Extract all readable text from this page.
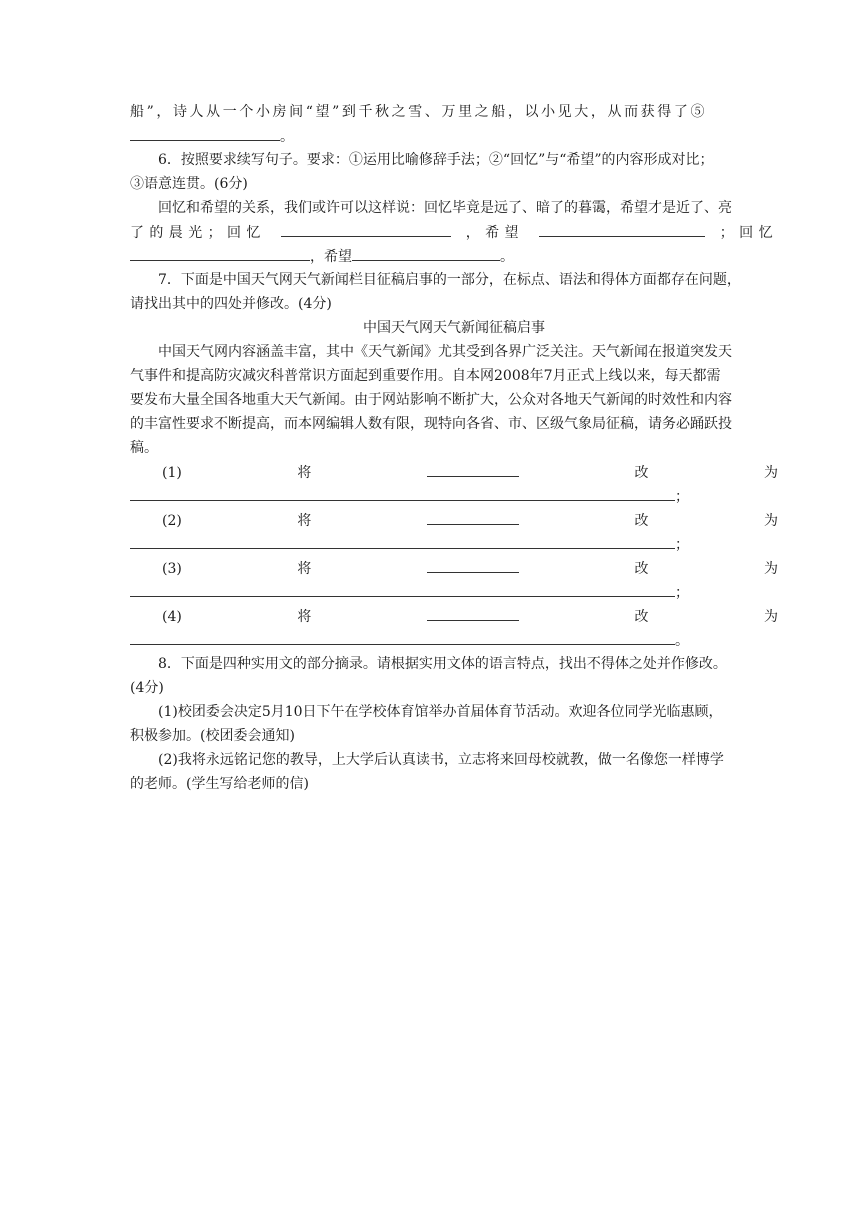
船”，诗人从一个小房间“望”到千秋之雪、万里之船，以小见大，从而获得了⑤
。
6．按照要求续写句子。要求：①运用比喻修辞手法；②“回忆”与“希望”的内容形成对比；
③语意连贯。(6分)
回忆和希望的关系，我们或许可以这样说：回忆毕竟是远了、暗了的暮霭，希望才是近了、亮
了的晨光；回忆	，希望	；回忆
，希望	。
7．下面是中国天气网天气新闻栏目征稿启事的一部分，在标点、语法和得体方面都存在问题，
请找出其中的四处并修改。(4分)
中国天气网天气新闻征稿启事
中国天气网内容涵盖丰富，其中《天气新闻》尤其受到各界广泛关注。天气新闻在报道突发天
气事件和提高防灾减灾科普常识方面起到重要作用。自本网2008年7月正式上线以来，每天都需
要发布大量全国各地重大天气新闻。由于网站影响不断扩大，公众对各地天气新闻的时效性和内容
的丰富性要求不断提高，而本网编辑人数有限，现特向各省、市、区级气象局征稿，请务必踊跃投
稿。
(1)	将	改	为
；
(2)	将	改	为
；
(3)	将	改	为
；
(4)	将	改	为
。
8．下面是四种实用文的部分摘录。请根据实用文体的语言特点，找出不得体之处并作修改。
(4分)
(1)校团委会决定5月10日下午在学校体育馆举办首届体育节活动。欢迎各位同学光临惠顾，
积极参加。(校团委会通知)
(2)我将永远铭记您的教导，上大学后认真读书，立志将来回母校就教，做一名像您一样博学
的老师。(学生写给老师的信)
